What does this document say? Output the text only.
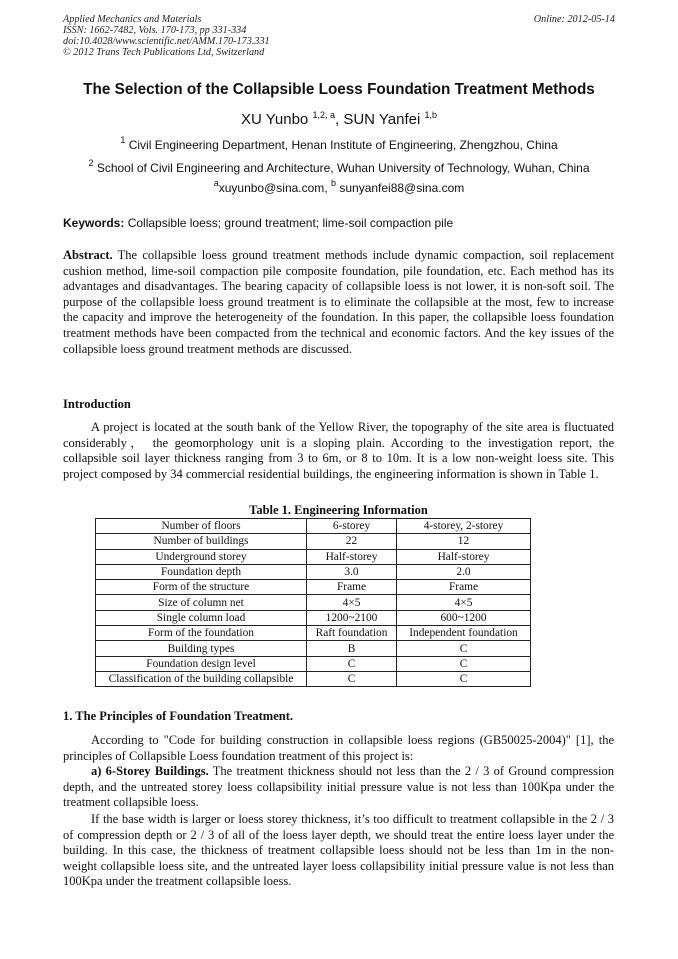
Applied Mechanics and Materials
ISSN: 1662-7482, Vols. 170-173, pp 331-334
doi:10.4028/www.scientific.net/AMM.170-173.331
© 2012 Trans Tech Publications Ltd, Switzerland
Online: 2012-05-14
The Selection of the Collapsible Loess Foundation Treatment Methods
XU Yunbo $^{1,2, a}$, SUN Yanfei $^{1,b}$
$^1$ Civil Engineering Department, Henan Institute of Engineering, Zhengzhou, China
$^2$ School of Civil Engineering and Architecture, Wuhan University of Technology, Wuhan, China
$^a$xuyunbo@sina.com, $^b$ sunyanfei88@sina.com
Keywords: Collapsible loess; ground treatment; lime-soil compaction pile

Abstract. The collapsible loess ground treatment methods include dynamic compaction, soil replacement cushion method, lime-soil compaction pile composite foundation, pile foundation, etc. Each method has its advantages and disadvantages. The bearing capacity of collapsible loess is not lower, it is non-soft soil. The purpose of the collapsible loess ground treatment is to eliminate the collapsible at the most, few to increase the capacity and improve the heterogeneity of the foundation. In this paper, the collapsible loess foundation treatment methods have been compacted from the technical and economic factors. And the key issues of the collapsible loess ground treatment methods are discussed.

Introduction

A project is located at the south bank of the Yellow River, the topography of the site area is fluctuated considerably， the geomorphology unit is a sloping plain. According to the investigation report, the collapsible soil layer thickness ranging from 3 to 6m, or 8 to 10m. It is a low non-weight loess site. This project composed by 34 commercial residential buildings, the engineering information is shown in Table 1.

Table 1. Engineering Information
Number of floors	6-storey	4-storey, 2-storey
Number of buildings	22	12
Underground storey	Half-storey	Half-storey
Foundation depth	3.0	2.0
Form of the structure	Frame	Frame
Size of column net	4×5	4×5
Single column load	1200~2100	600~1200
Form of the foundation	Raft foundation	Independent foundation
Building types	B	C
Foundation design level	C	C
Classification of the building collapsible	C	C
1. The Principles of Foundation Treatment.

According to "Code for building construction in collapsible loess regions (GB50025-2004)" [1], the principles of Collapsible Loess foundation treatment of this project is:

a) 6-Storey Buildings. The treatment thickness should not less than the 2 / 3 of Ground compression depth, and the untreated storey loess collapsibility initial pressure value is not less than 100Kpa under the treatment collapsible loess.

If the base width is larger or loess storey thickness, it’s too difficult to treatment collapsible in the 2 / 3 of compression depth or 2 / 3 of all of the loess layer depth, we should treat the entire loess layer under the building. In this case, the thickness of treatment collapsible loess should not be less than 1m in the non-weight collapsible loess site, and the untreated layer loess collapsibility initial pressure value is not less than 100Kpa under the treatment collapsible loess.
